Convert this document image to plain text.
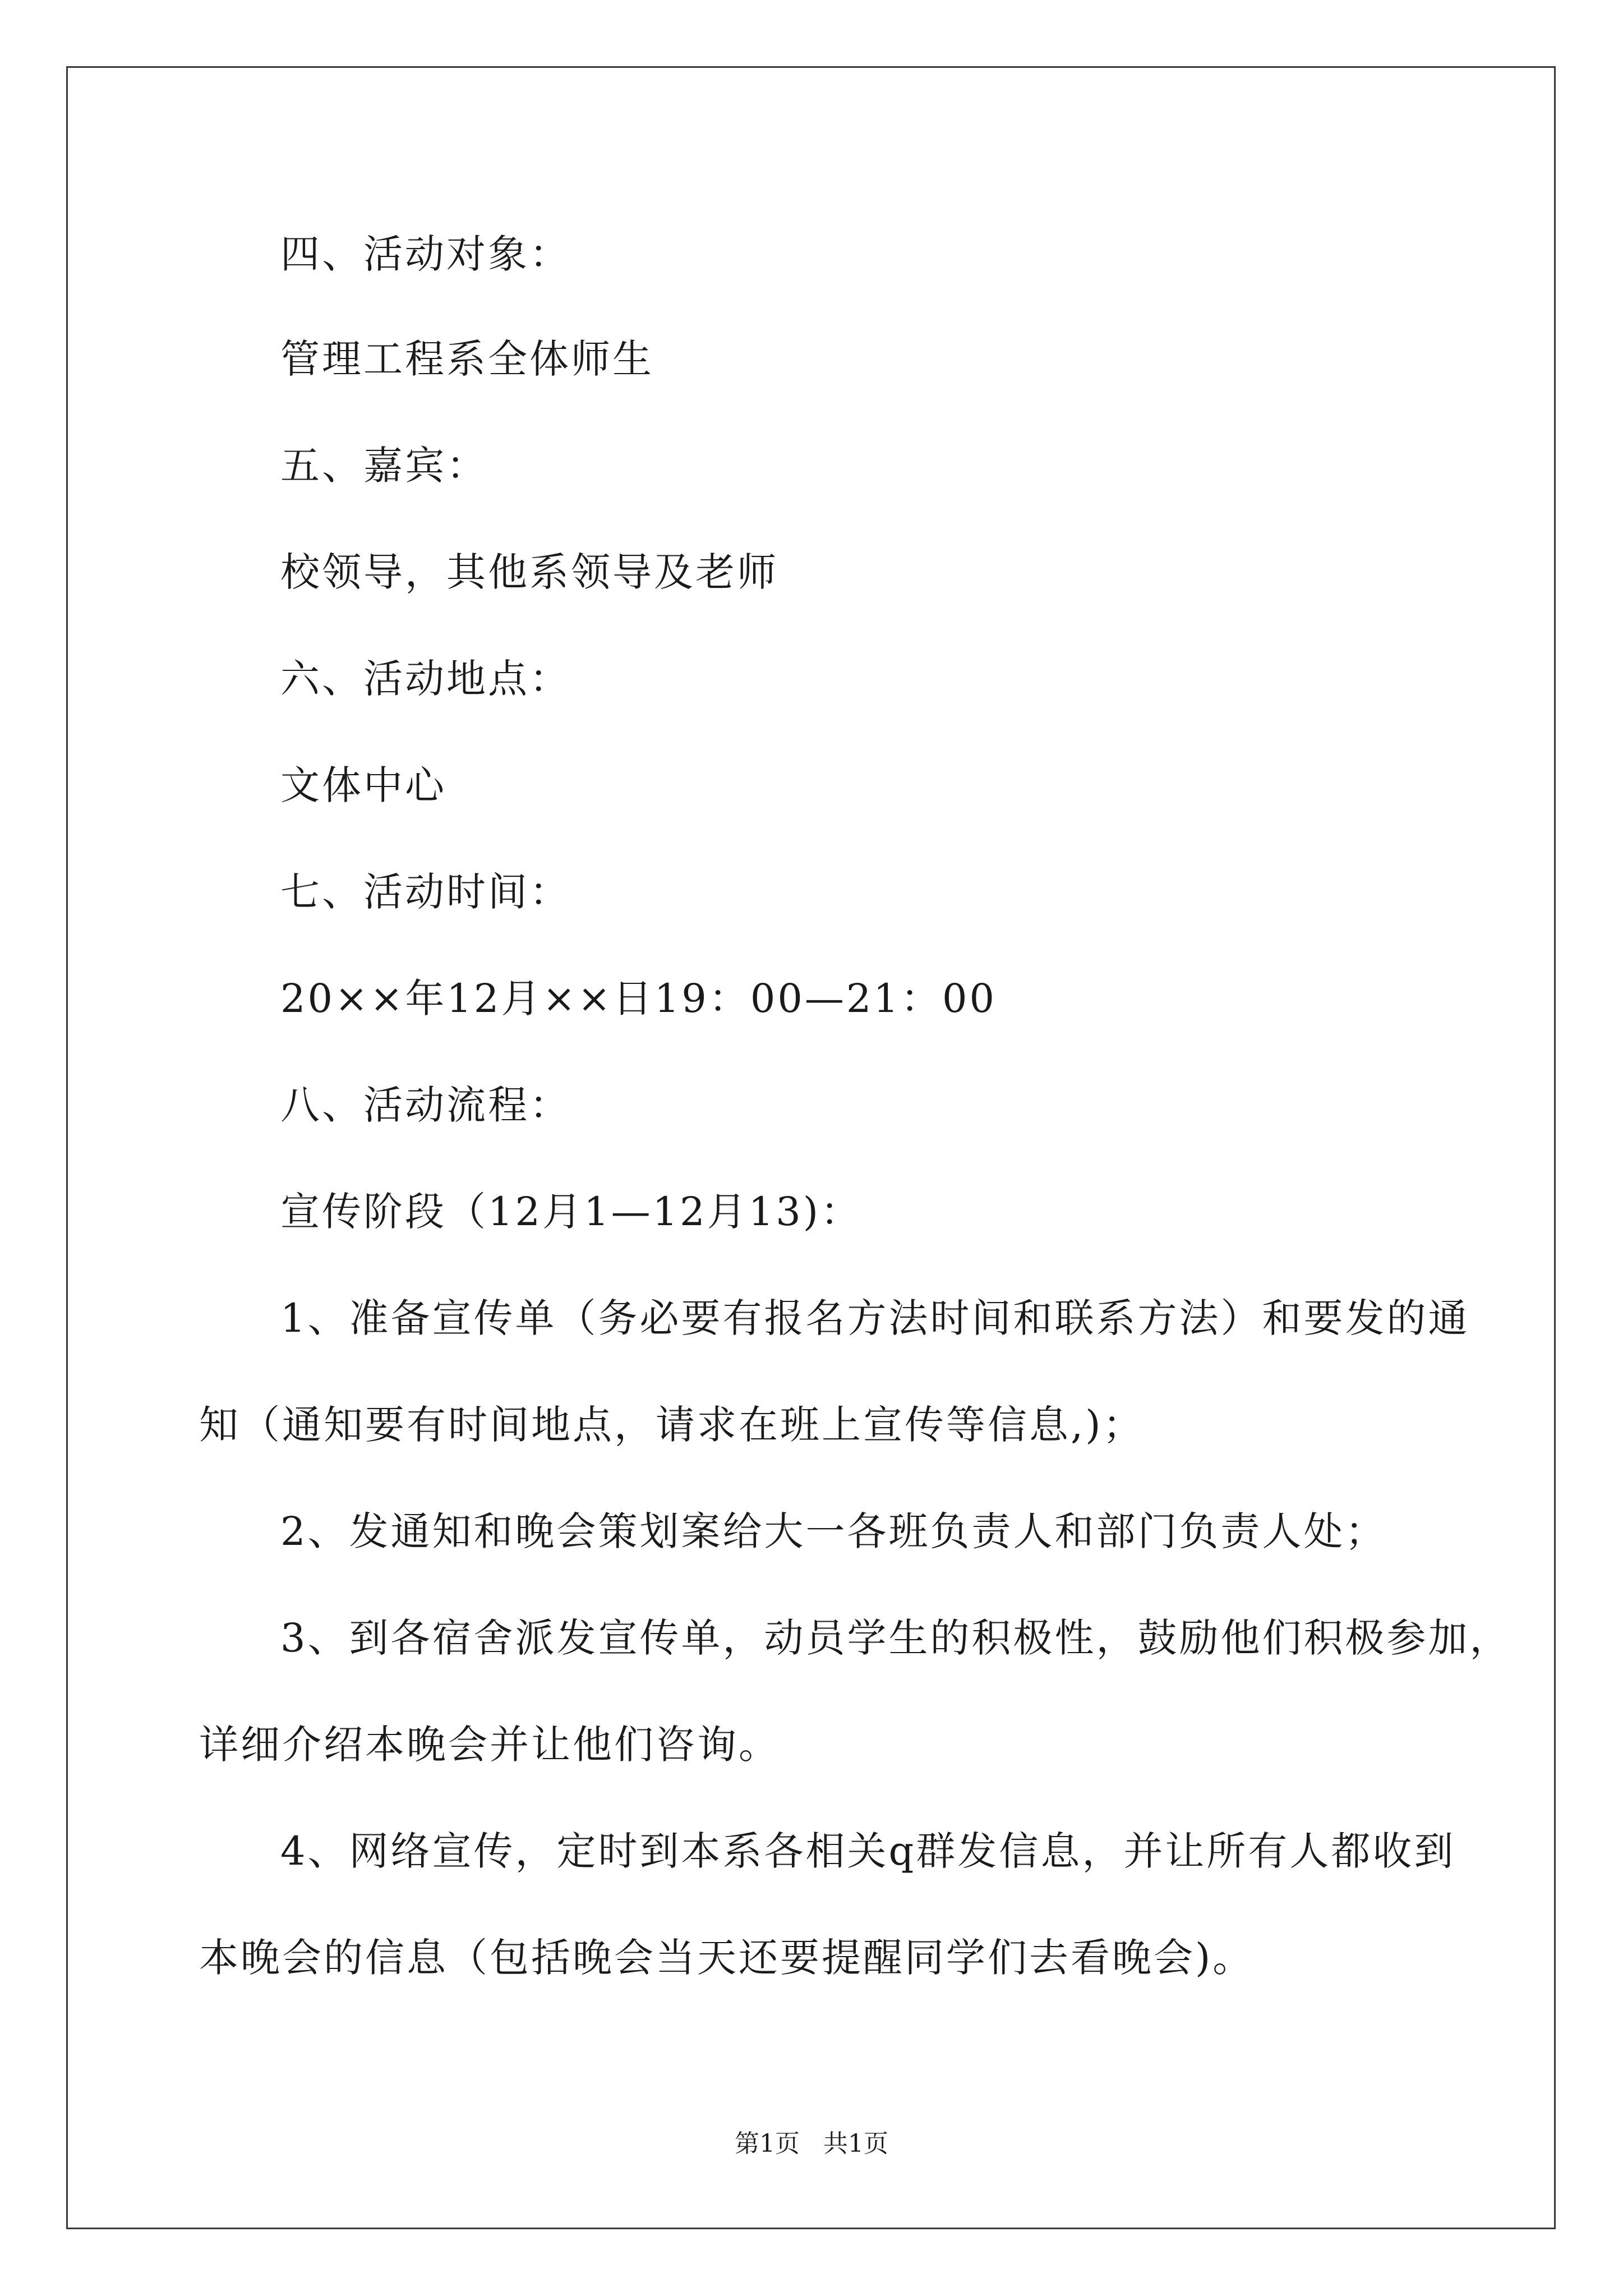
四、活动对象：
管理工程系全体师生
五、嘉宾：
校领导，其他系领导及老师
六、活动地点：
文体中心
七、活动时间：
20××年12月××日19：00—21：00
八、活动流程：
宣传阶段（12月1—12月13)：
1、准备宣传单（务必要有报名方法时间和联系方法）和要发的通
知（通知要有时间地点，请求在班上宣传等信息,)；
2、发通知和晚会策划案给大一各班负责人和部门负责人处；
3、到各宿舍派发宣传单，动员学生的积极性，鼓励他们积极参加，
详细介绍本晚会并让他们咨询。
4、网络宣传，定时到本系各相关q群发信息，并让所有人都收到
本晚会的信息（包括晚会当天还要提醒同学们去看晚会)。
第1页 共1页
